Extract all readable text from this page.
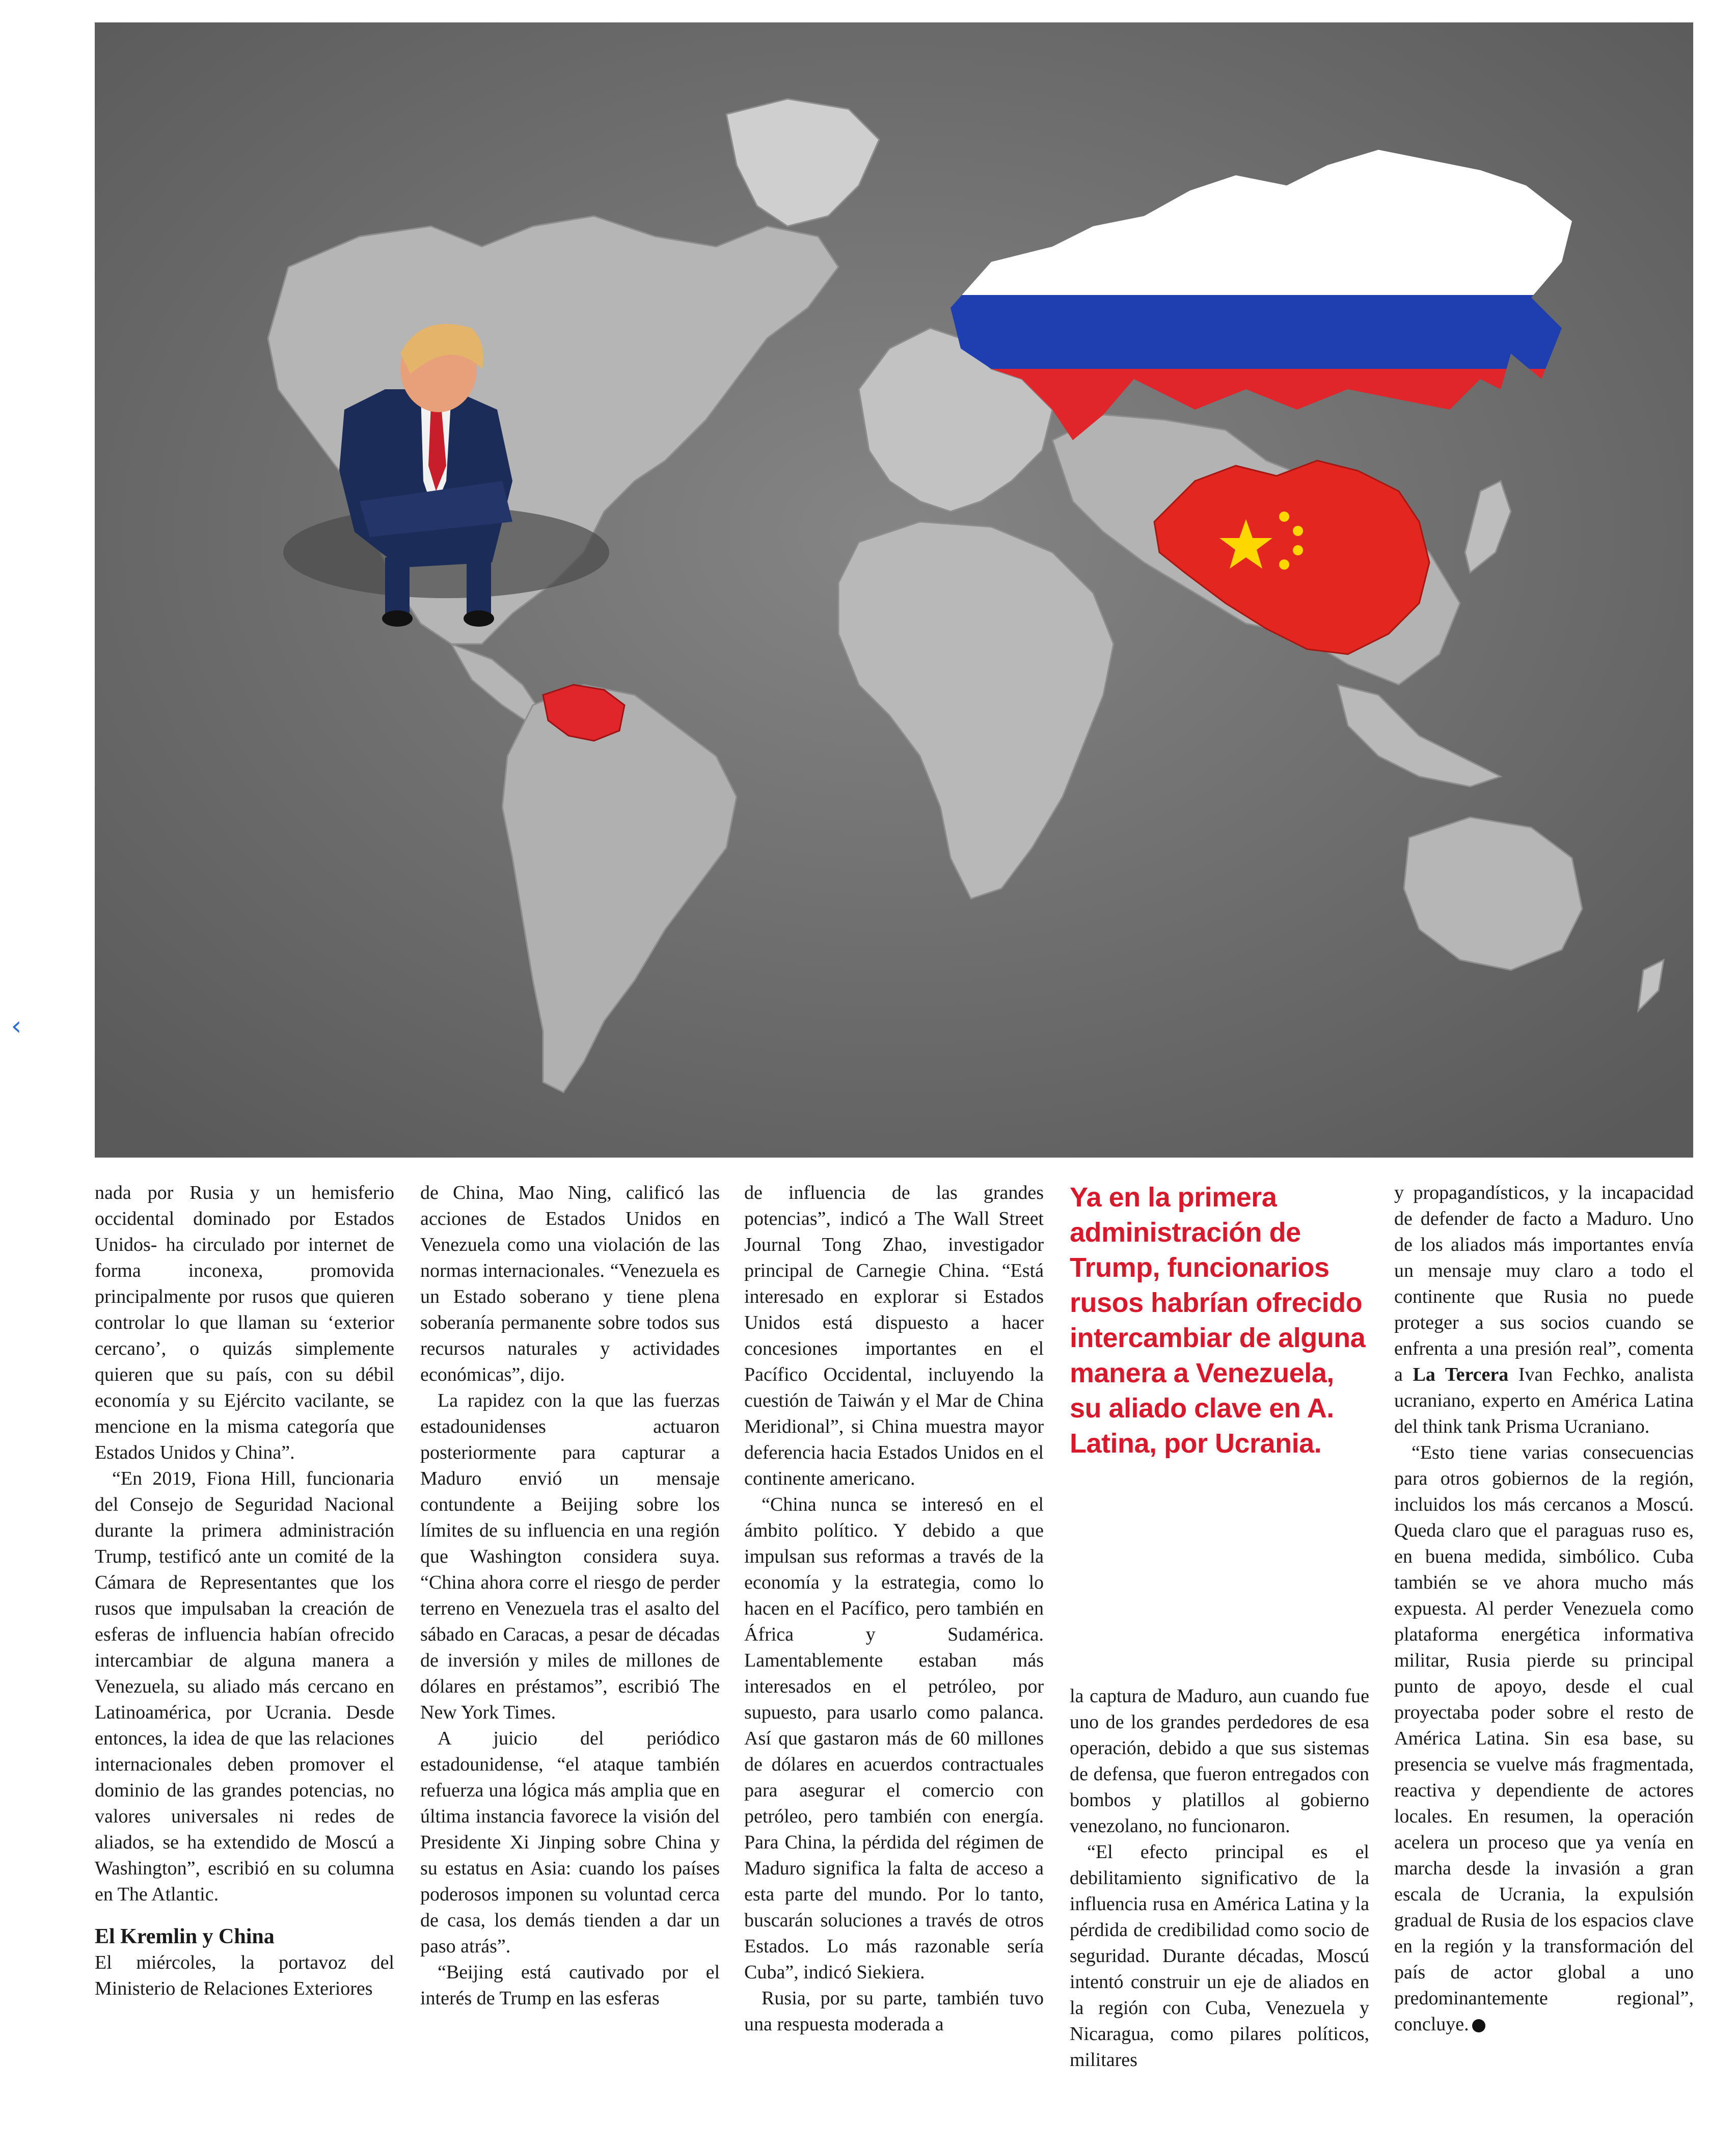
‹

nada por Rusia y un hemisferio occidental dominado por Estados Unidos- ha circulado por internet de forma inconexa, promovida principalmente por rusos que quieren controlar lo que llaman su ‘exterior cercano’, o quizás simplemente quieren que su país, con su débil economía y su Ejército vacilante, se mencione en la misma categoría que Estados Unidos y China”.

“En 2019, Fiona Hill, funcionaria del Consejo de Seguridad Nacional durante la primera administración Trump, testificó ante un comité de la Cámara de Representantes que los rusos que impulsaban la creación de esferas de influencia habían ofrecido intercambiar de alguna manera a Venezuela, su aliado más cercano en Latinoamérica, por Ucrania. Desde entonces, la idea de que las relaciones internacionales deben promover el dominio de las grandes potencias, no valores universales ni redes de aliados, se ha extendido de Moscú a Washington”, escribió en su columna en The Atlantic.

El Kremlin y China

El miércoles, la portavoz del Ministerio de Relaciones Exteriores

de China, Mao Ning, calificó las acciones de Estados Unidos en Venezuela como una violación de las normas internacionales. “Venezuela es un Estado soberano y tiene plena soberanía permanente sobre todos sus recursos naturales y actividades económicas”, dijo.

La rapidez con la que las fuerzas estadounidenses actuaron posteriormente para capturar a Maduro envió un mensaje contundente a Beijing sobre los límites de su influencia en una región que Washington considera suya. “China ahora corre el riesgo de perder terreno en Venezuela tras el asalto del sábado en Caracas, a pesar de décadas de inversión y miles de millones de dólares en préstamos”, escribió The New York Times.

A juicio del periódico estadounidense, “el ataque también refuerza una lógica más amplia que en última instancia favorece la visión del Presidente Xi Jinping sobre China y su estatus en Asia: cuando los países poderosos imponen su voluntad cerca de casa, los demás tienden a dar un paso atrás”.

“Beijing está cautivado por el interés de Trump en las esferas

de influencia de las grandes potencias”, indicó a The Wall Street Journal Tong Zhao, investigador principal de Carnegie China. “Está interesado en explorar si Estados Unidos está dispuesto a hacer concesiones importantes en el Pacífico Occidental, incluyendo la cuestión de Taiwán y el Mar de China Meridional”, si China muestra mayor deferencia hacia Estados Unidos en el continente americano.

“China nunca se interesó en el ámbito político. Y debido a que impulsan sus reformas a través de la economía y la estrategia, como lo hacen en el Pacífico, pero también en África y Sudamérica. Lamentablemente estaban más interesados en el petróleo, por supuesto, para usarlo como palanca. Así que gastaron más de 60 millones de dólares en acuerdos contractuales para asegurar el comercio con petróleo, pero también con energía. Para China, la pérdida del régimen de Maduro significa la falta de acceso a esta parte del mundo. Por lo tanto, buscarán soluciones a través de otros Estados. Lo más razonable sería Cuba”, indicó Siekiera.

Rusia, por su parte, también tuvo una respuesta moderada a

Ya en la primera administración de Trump, funcionarios rusos habrían ofrecido intercambiar de alguna manera a Venezuela, su aliado clave en A. Latina, por Ucrania.

la captura de Maduro, aun cuando fue uno de los grandes perdedores de esa operación, debido a que sus sistemas de defensa, que fueron entregados con bombos y platillos al gobierno venezolano, no funcionaron.

“El efecto principal es el debilitamiento significativo de la influencia rusa en América Latina y la pérdida de credibilidad como socio de seguridad. Durante décadas, Moscú intentó construir un eje de aliados en la región con Cuba, Venezuela y Nicaragua, como pilares políticos, militares

y propagandísticos, y la incapacidad de defender de facto a Maduro. Uno de los aliados más importantes envía un mensaje muy claro a todo el continente que Rusia no puede proteger a sus socios cuando se enfrenta a una presión real”, comenta a La Tercera Ivan Fechko, analista ucraniano, experto en América Latina del think tank Prisma Ucraniano.

“Esto tiene varias consecuencias para otros gobiernos de la región, incluidos los más cercanos a Moscú. Queda claro que el paraguas ruso es, en buena medida, simbólico. Cuba también se ve ahora mucho más expuesta. Al perder Venezuela como plataforma energética informativa militar, Rusia pierde su principal punto de apoyo, desde el cual proyectaba poder sobre el resto de América Latina. Sin esa base, su presencia se vuelve más fragmentada, reactiva y dependiente de actores locales. En resumen, la operación acelera un proceso que ya venía en marcha desde la invasión a gran escala de Ucrania, la expulsión gradual de Rusia de los espacios clave en la región y la transformación del país de actor global a uno predominantemente regional”, concluye.
